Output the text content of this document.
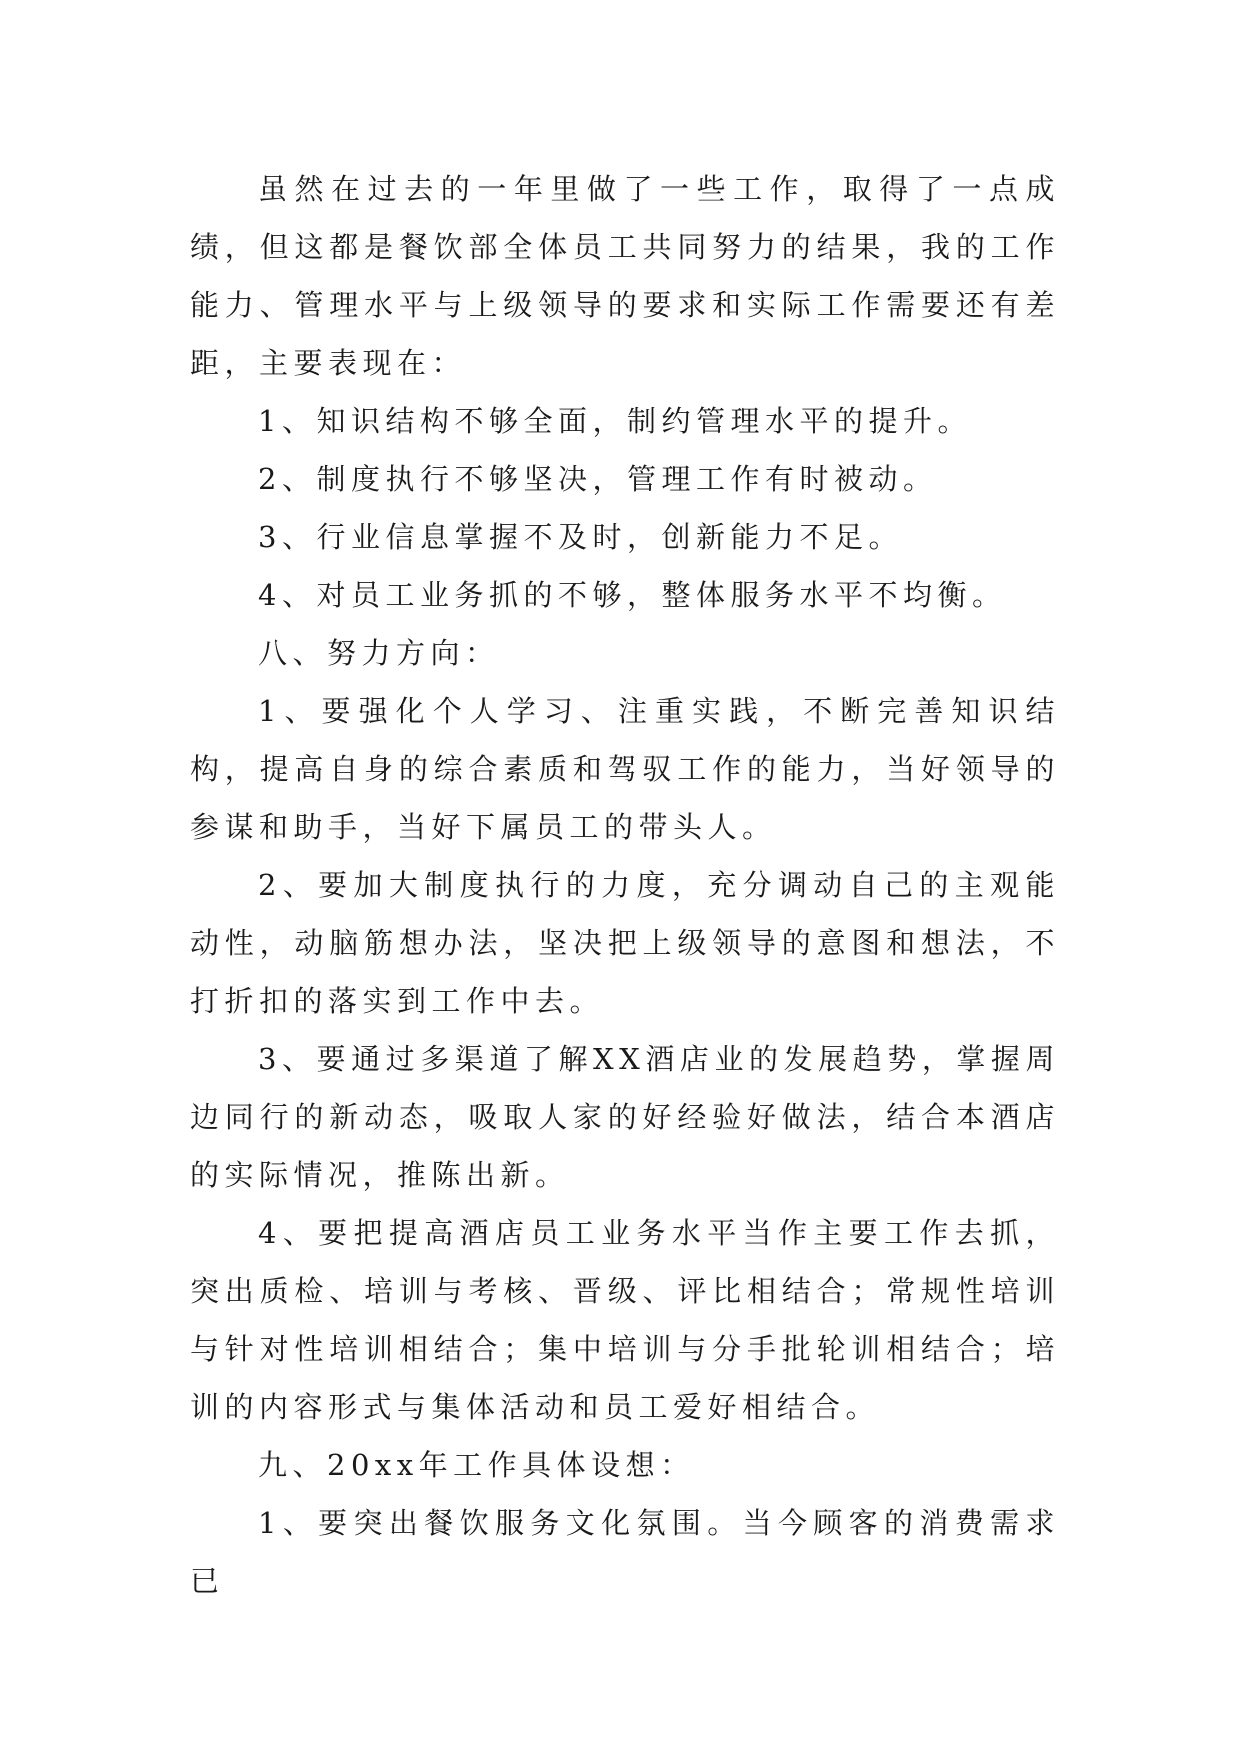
虽然在过去的一年里做了一些工作，取得了一点成绩，但这都是餐饮部全体员工共同努力的结果，我的工作能力、管理水平与上级领导的要求和实际工作需要还有差距，主要表现在：

1、知识结构不够全面，制约管理水平的提升。

2、制度执行不够坚决，管理工作有时被动。

3、行业信息掌握不及时，创新能力不足。

4、对员工业务抓的不够，整体服务水平不均衡。

八、努力方向：

1、要强化个人学习、注重实践，不断完善知识结构，提高自身的综合素质和驾驭工作的能力，当好领导的参谋和助手，当好下属员工的带头人。

2、要加大制度执行的力度，充分调动自己的主观能动性，动脑筋想办法，坚决把上级领导的意图和想法，不打折扣的落实到工作中去。

3、要通过多渠道了解XX酒店业的发展趋势，掌握周边同行的新动态，吸取人家的好经验好做法，结合本酒店的实际情况，推陈出新。

4、要把提高酒店员工业务水平当作主要工作去抓，突出质检、培训与考核、晋级、评比相结合；常规性培训与针对性培训相结合；集中培训与分手批轮训相结合；培训的内容形式与集体活动和员工爱好相结合。

九、20xx年工作具体设想：

1、要突出餐饮服务文化氛围。当今顾客的消费需求已
